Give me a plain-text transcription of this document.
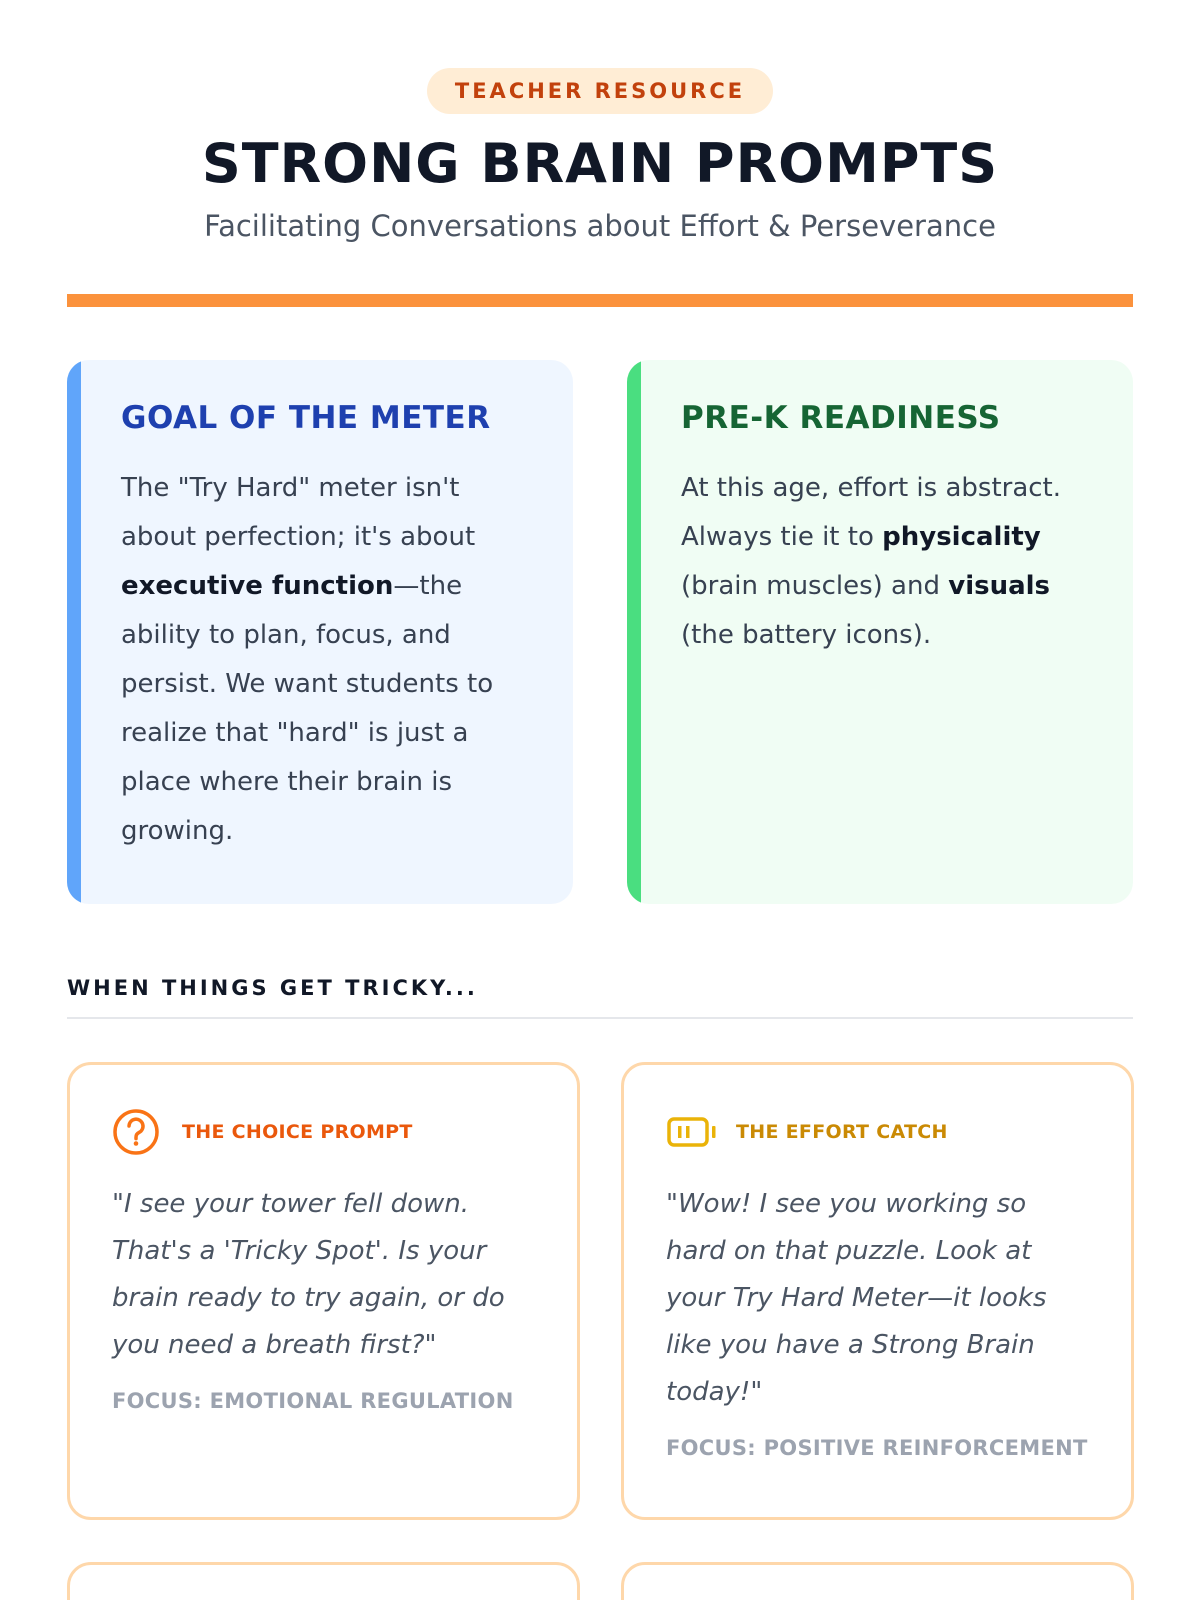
TEACHER RESOURCE
STRONG BRAIN PROMPTS

Facilitating Conversations about Effort & Perseverance

GOAL OF THE METER

The "Try Hard" meter isn't about perfection; it's about executive function—the ability to plan, focus, and persist. We want students to realize that "hard" is just a place where their brain is growing.

PRE-K READINESS

At this age, effort is abstract. Always tie it to physicality (brain muscles) and visuals (the battery icons).

WHEN THINGS GET TRICKY...
THE CHOICE PROMPT

"I see your tower fell down. That's a 'Tricky Spot'. Is your brain ready to try again, or do you need a breath first?"

FOCUS: EMOTIONAL REGULATION

THE EFFORT CATCH

"Wow! I see you working so hard on that puzzle. Look at your Try Hard Meter—it looks like you have a Strong Brain today!"

FOCUS: POSITIVE REINFORCEMENT
